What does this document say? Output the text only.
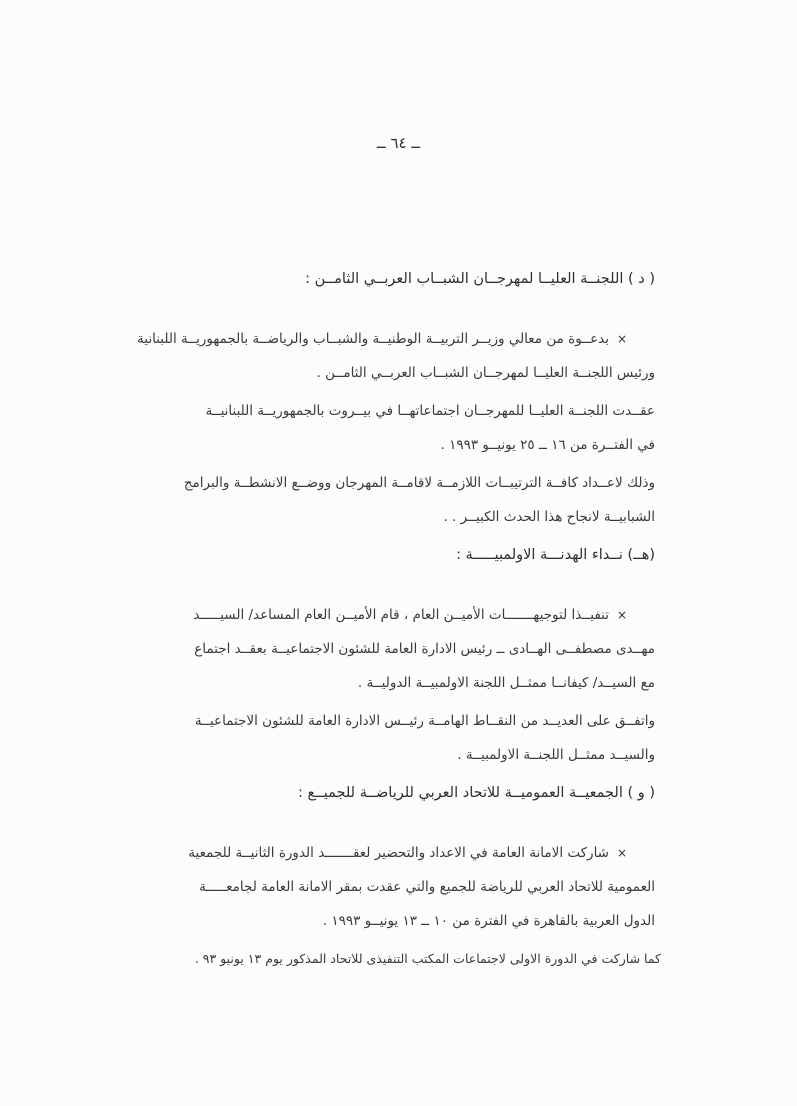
ــ ٦٤ ــ
( د ) اللجنــة العليــا لمهرجــان الشبــاب العربــي الثامــن :
×
بدعــوة من معالي وزيــر التربيــة الوطنيــة والشبــاب والرياضــة بالجمهوريــة اللبنانية
ورئيس اللجنــة العليــا لمهرجــان الشبــاب العربــي الثامــن .
عقــدت اللجنــة العليــا للمهرجــان اجتماعاتهــا في بيــروت بالجمهوريــة اللبنانيــة
في الفتــرة من ١٦ ــ ٢٥ يونيــو ١٩٩٣ .
وذلك لاعــداد كافــة الترتيبــات اللازمــة لاقامــة المهرجان ووضــع الانشطــة والبرامج
الشبابيــة لانجاح هذا الحدث الكبيــر . .
(هــ) نــداء الهدنـــة الاولمبيـــــة :
×
تنفيــذا لتوجيهـــــــات الأميــن العام ، قام الأميــن العام المساعد/ السيـــــد
مهــدى مصطفــى الهــادى ــ رئيس الادارة العامة للشئون الاجتماعيــة بعقــد اجتماع
مع السيــد/ كيفانــا ممثــل اللجنة الاولمبيــة الدوليــة .
واتفــق على العديــد من النقــاط الهامــة رئيــس الادارة العامة للشئون الاجتماعيــة
والسيــد ممثــل اللجنــة الاولمبيــة .
( و ) الجمعيــة العموميــة للاتحاد العربي للرياضــة للجميــع :
×
شاركت الامانة العامة في الاعداد والتحضير لعقـــــــد الدورة الثانيــة للجمعية
العمومية للاتحاد العربي للرياضة للجميع والتي عقدت بمقر الامانة العامة لجامعـــــة
الدول العربية بالقاهرة في الفترة من ١٠ ــ ١٣ يونيــو ١٩٩٣ .
كما شاركت في الدورة الاولى لاجتماعات المكتب التنفيذى للاتحاد المذكور يوم ١٣ يونيو ٩٣ .
